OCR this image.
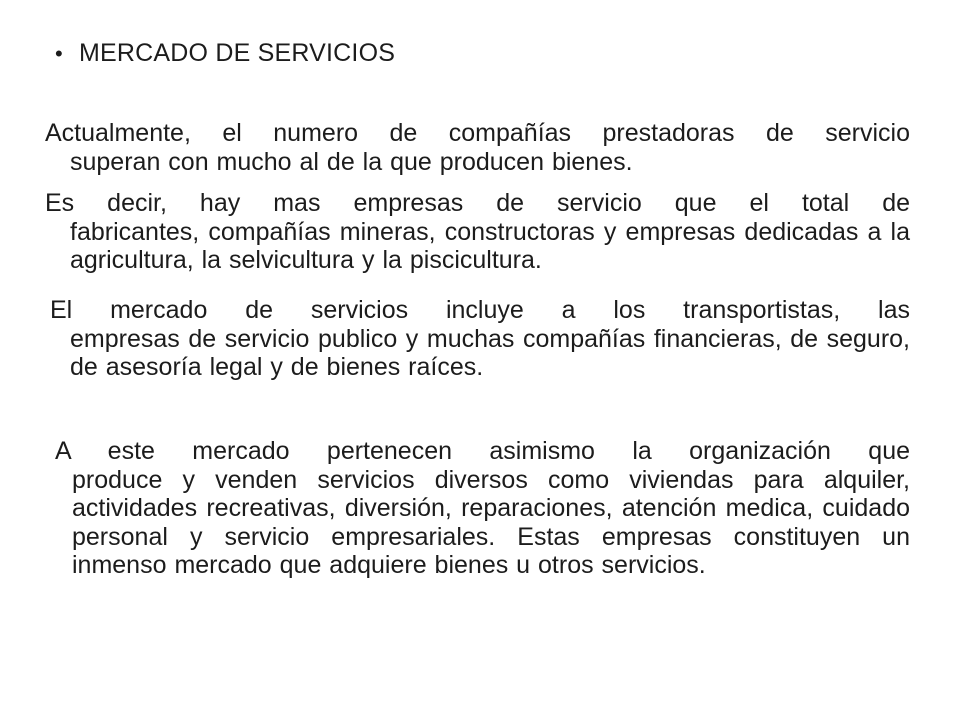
• MERCADO DE SERVICIOS
Actualmente, el numero de compañías prestadoras de servicio
superan con mucho al de la que producen bienes.
Es decir, hay mas empresas de servicio que el total de
fabricantes, compañías mineras, constructoras y empresas dedicadas a la agricultura, la selvicultura y la piscicultura.
El mercado de servicios incluye a los transportistas, las
empresas de servicio publico y muchas compañías financieras, de seguro, de asesoría legal y de bienes raíces.
A este mercado pertenecen asimismo la organización que
produce y venden servicios diversos como viviendas para alquiler, actividades recreativas, diversión, reparaciones, atención medica, cuidado personal y servicio empresariales. Estas empresas constituyen un inmenso mercado que adquiere bienes u otros servicios.
